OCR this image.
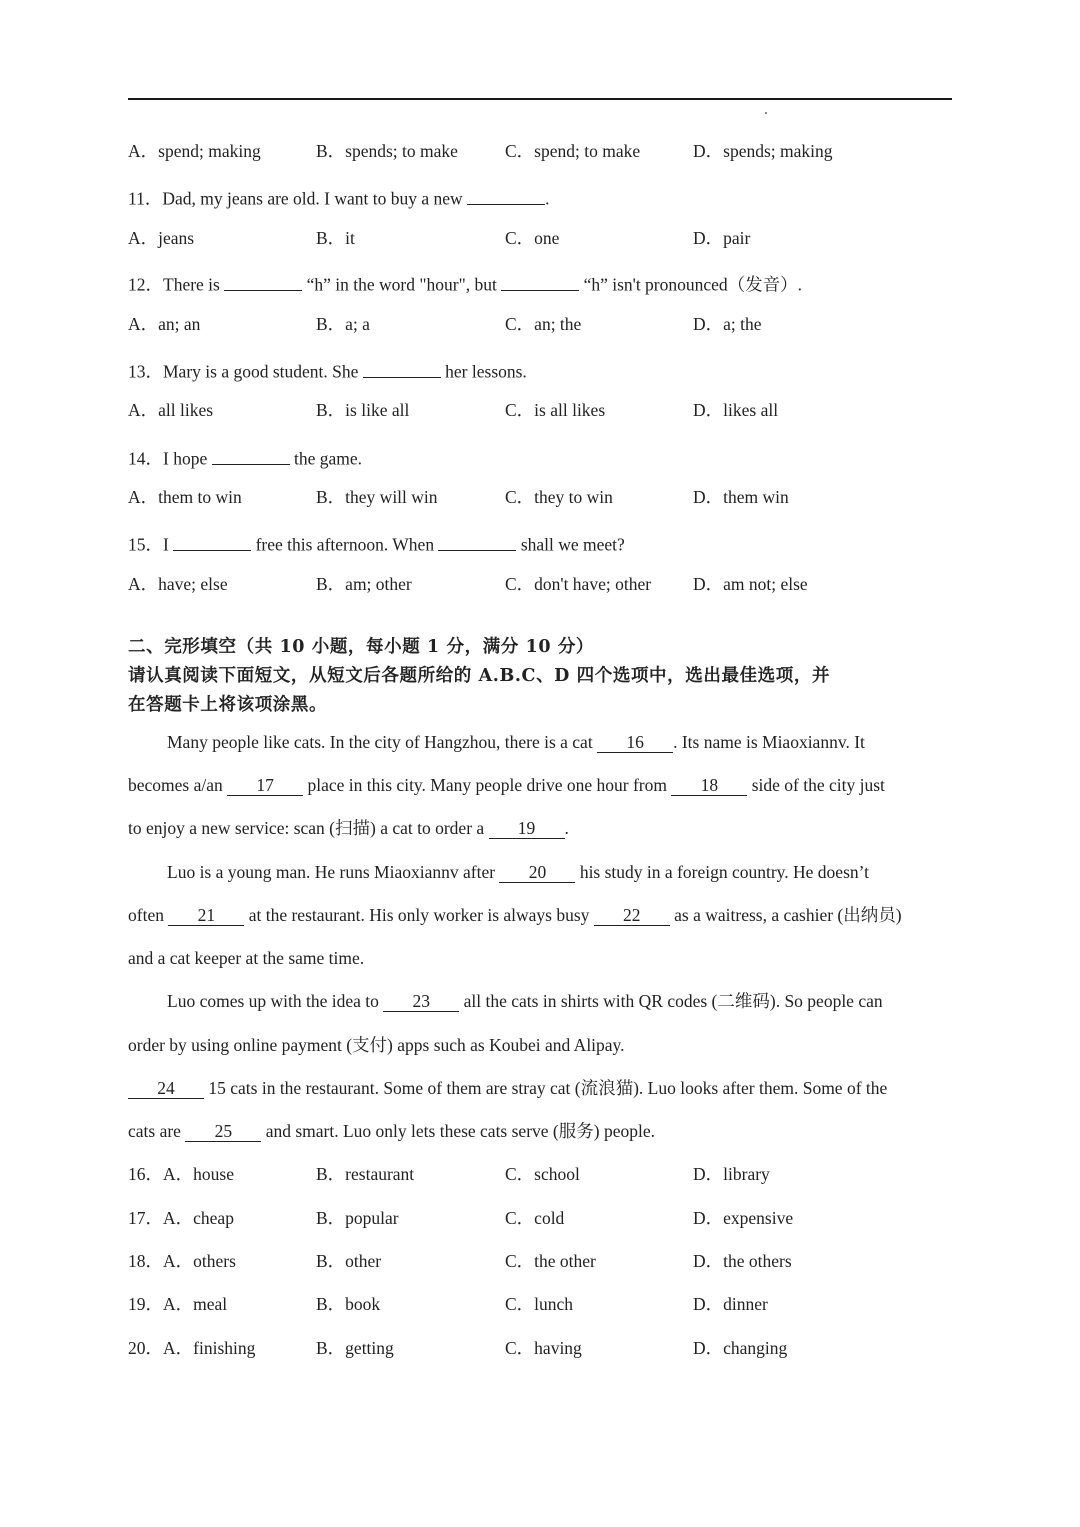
A．spend; making	B．spends; to make	C．spend; to make	D．spends; making
11．Dad, my jeans are old. I want to buy a new	.
A．jeans	B．it	C．one	D．pair
12．There is	“h” in the word "hour", but	“h” isn't pronounced（发音）.
A．an; an	B．a; a	C．an; the	D．a; the
13．Mary is a good student. She	her lessons.
A．all likes	B．is like all	C．is all likes	D．likes all
14．I hope	the game.
A．them to win	B．they will win	C．they to win	D．them win
15．I	free this afternoon. When	shall we meet?
A．have; else	B．am; other	C．don't have; other D．am not; else
二、完形填空（共 10 小题，每小题 1 分，满分 10 分）
请认真阅读下面短文，从短文后各题所给的 A.B.C、D 四个选项中，选出最佳选项，并
在答题卡上将该项涂黑。
Many people like cats. In the city of Hangzhou, there is a cat 16 . Its name is Miaoxiannv. It
becomes a/an 17 place in this city. Many people drive one hour from 18 side of the city just
to enjoy a new service: scan (扫描) a cat to order a 19 .
Luo is a young man. He runs Miaoxiannv after 20 his study in a foreign country. He doesn’t
often 21 at the restaurant. His only worker is always busy 22 as a waitress, a cashier (出纳员)
and a cat keeper at the same time.
Luo comes up with the idea to 23 all the cats in shirts with QR codes (二维码). So people can
order by using online payment (支付) apps such as Koubei and Alipay.
24 15 cats in the restaurant. Some of them are stray cat (流浪猫). Luo looks after them. Some of the
cats are 25 and smart. Luo only lets these cats serve (服务) people.
16．A．house	B．restaurant	C．school	D．library
17．A．cheap	B．popular	C．cold	D．expensive
18．A．others	B．other	C．the other	D．the others
19．A．meal	B．book	C．lunch	D．dinner
20．A．finishing	B．getting	C．having	D．changing
